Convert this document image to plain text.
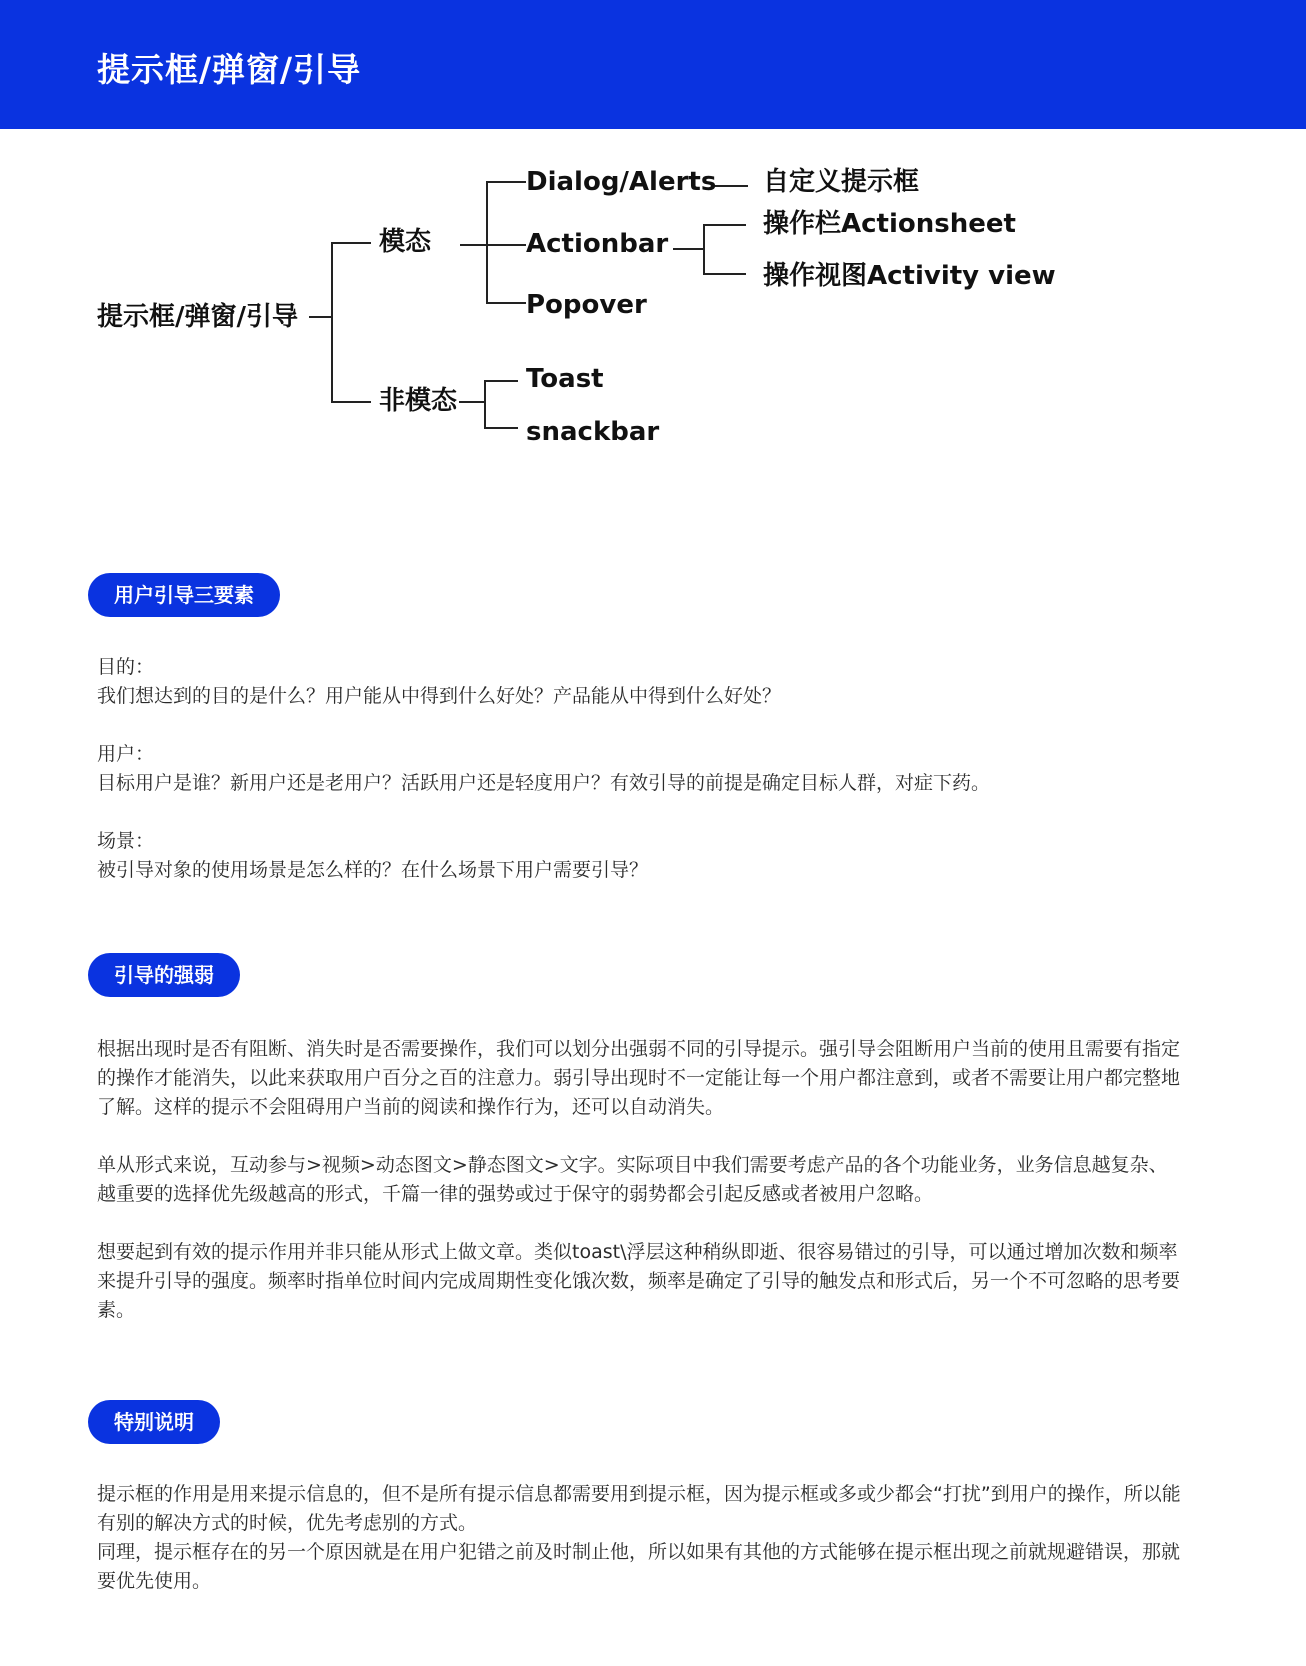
提示框/弹窗/引导
提示框/弹窗/引导
模态
非模态
Dialog/Alerts 自定义提示框
Actionbar
操作栏Actionsheet
操作视图Activity view
Popover
Toast
snackbar
用户引导三要素
目的：
我们想达到的目的是什么？用户能从中得到什么好处？产品能从中得到什么好处？
用户：
目标用户是谁？新用户还是老用户？活跃用户还是轻度用户？有效引导的前提是确定目标人群，对症下药。
场景：
被引导对象的使用场景是怎么样的？在什么场景下用户需要引导？
引导的强弱

根据出现时是否有阻断、消失时是否需要操作，我们可以划分出强弱不同的引导提示。强引导会阻断用户当前的使用且需要有指定的操作才能消失，以此来获取用户百分之百的注意力。弱引导出现时不一定能让每一个用户都注意到，或者不需要让用户都完整地了解。这样的提示不会阻碍用户当前的阅读和操作行为，还可以自动消失。

单从形式来说，互动参与>视频>动态图文>静态图文>文字。实际项目中我们需要考虑产品的各个功能业务，业务信息越复杂、越重要的选择优先级越高的形式，千篇一律的强势或过于保守的弱势都会引起反感或者被用户忽略。

想要起到有效的提示作用并非只能从形式上做文章。类似toast\浮层这种稍纵即逝、很容易错过的引导，可以通过增加次数和频率来提升引导的强度。频率时指单位时间内完成周期性变化饿次数，频率是确定了引导的触发点和形式后，另一个不可忽略的思考要素。

特别说明

提示框的作用是用来提示信息的，但不是所有提示信息都需要用到提示框，因为提示框或多或少都会“打扰”到用户的操作，所以能有别的解决方式的时候，优先考虑别的方式。

同理，提示框存在的另一个原因就是在用户犯错之前及时制止他，所以如果有其他的方式能够在提示框出现之前就规避错误，那就要优先使用。
